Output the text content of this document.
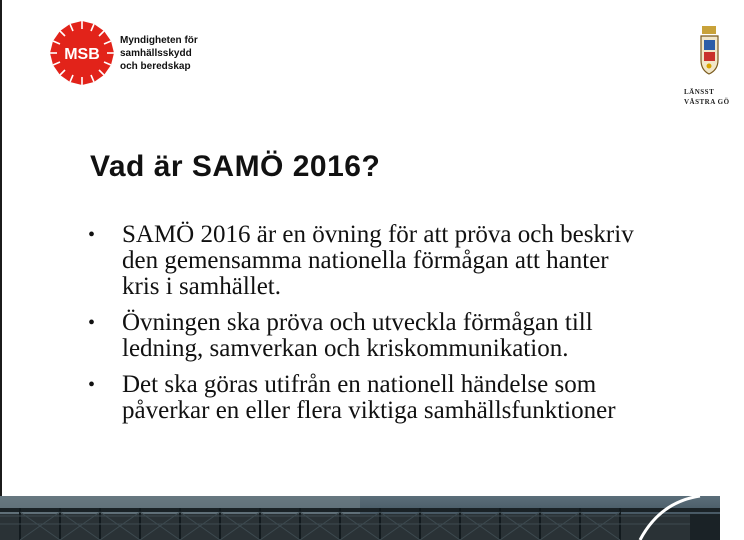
MSB
Myndigheten för
samhällsskydd
och beredskap
LÄNSST
VÄSTRA GÖ
Vad är SAMÖ 2016?
• SAMÖ 2016 är en övning för att pröva och beskriv
den gemensamma nationella förmågan att hanter
kris i samhället.
• Övningen ska pröva och utveckla förmågan till
ledning, samverkan och kriskommunikation.
• Det ska göras utifrån en nationell händelse som
påverkar en eller flera viktiga samhällsfunktioner
